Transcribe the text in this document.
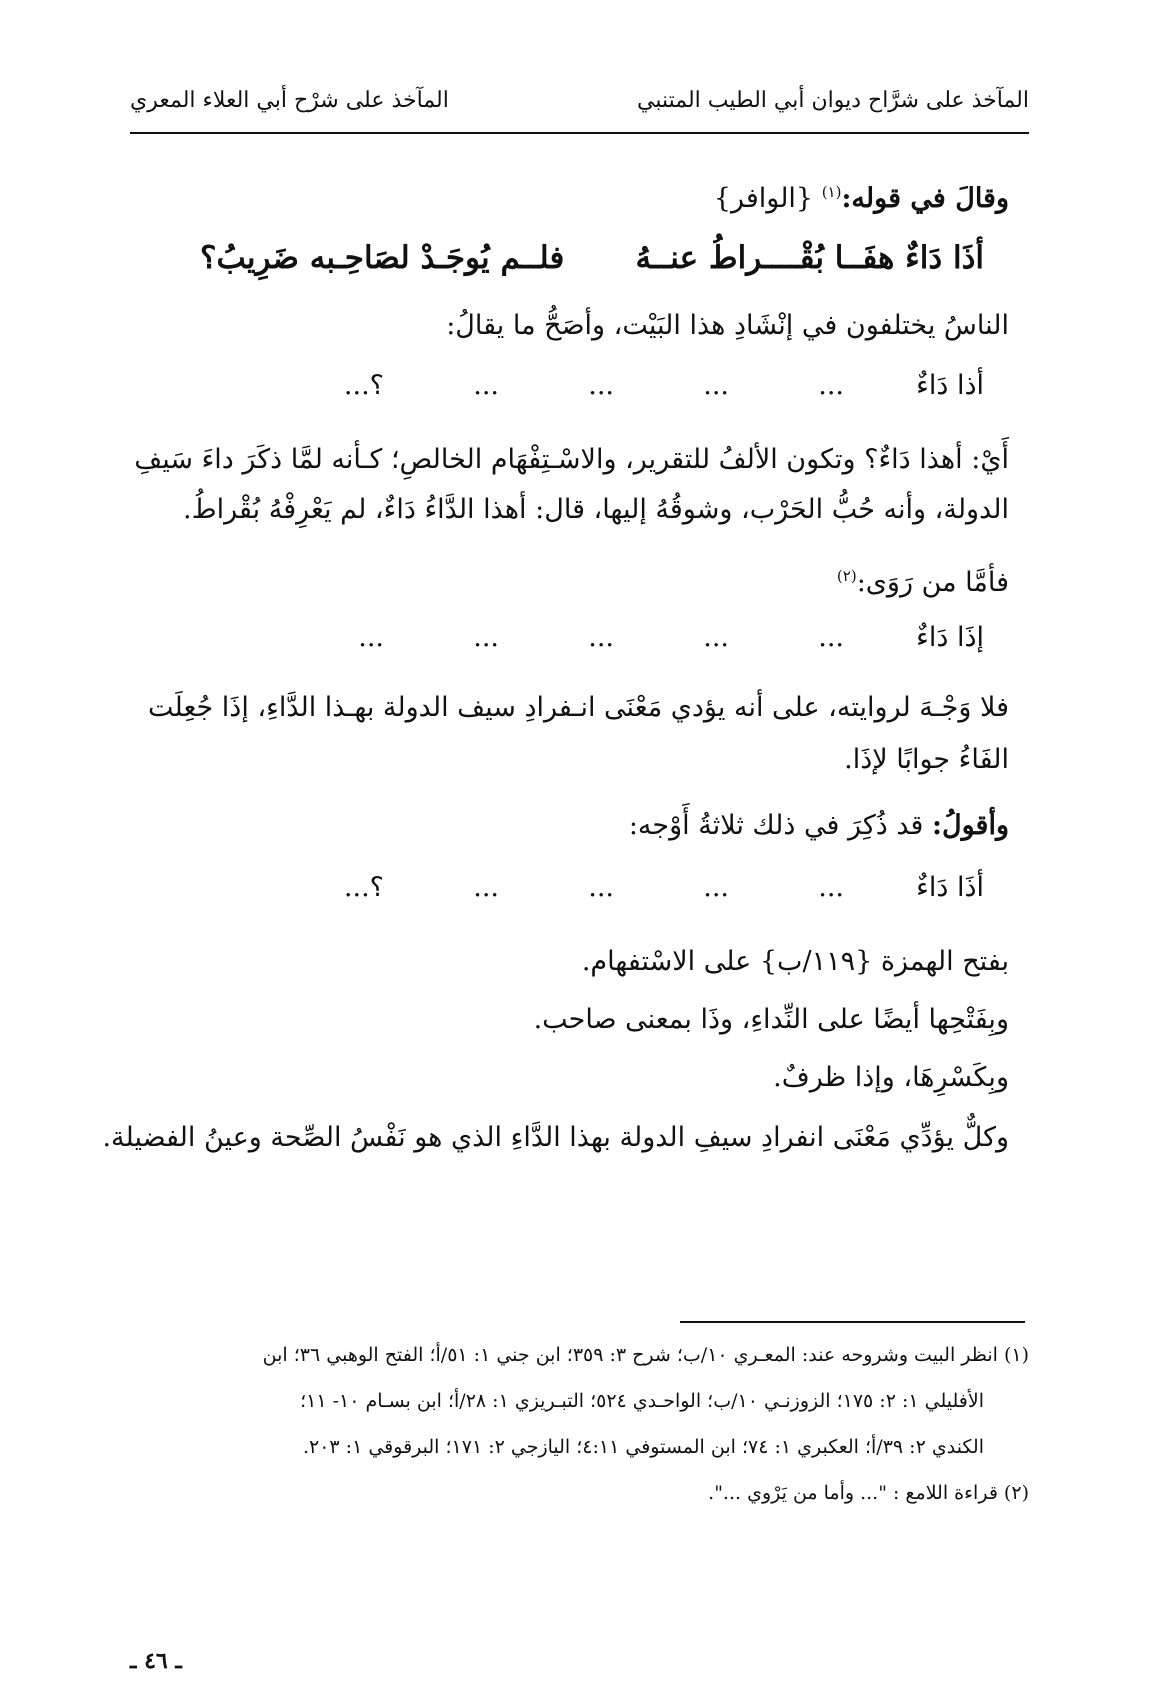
المآخذ على شرَّاح ديوان أبي الطيب المتنبي
المآخذ على شرْح أبي العلاء المعري
وقالَ في قوله:$^{(١)}$ {الوافر}
أذَا دَاءٌ هفَــا بُقْــــراطُ عنــهُ
فلــم يُوجَـدْ لصَاحِـبه ضَرِيبُ؟
الناسُ يختلفون في إنْشَادِ هذا البَيْت، وأصَحُّ ما يقالُ:
أذا دَاءٌ
...
...
...
...
؟...
أَيْ: أهذا دَاءٌ؟ وتكون الألفُ للتقرير، والاسْـتِفْهَام الخالصِ؛ كـأنه لمَّا ذكَرَ داءَ سَيفِ
الدولة، وأنه حُبُّ الحَرْب، وشوقُهُ إليها، قال: أهذا الدَّاءُ دَاءٌ، لم يَعْرِفْهُ بُقْراطُ.
فأمَّا من رَوَى:$^{(٢)}$
إذَا دَاءٌ
...
...
...
...
...
فلا وَجْـهَ لروايته، على أنه يؤدي مَعْنَى انـفرادِ سيف الدولة بهـذا الدَّاءِ، إذَا جُعِلَت
الفَاءُ جوابًا لإذَا.
وأقولُ: قد ذُكِرَ في ذلك ثلاثةُ أَوْجه:
أذَا دَاءٌ
...
...
...
...
؟...
بفتح الهمزة {١١٩/ب} على الاسْتفهام.
وبِفَتْحِها أيضًا على النِّداءِ، وذَا بمعنى صاحب.
وبِكَسْرِهَا، وإذا ظرفٌ.
وكلٌّ يؤدِّي مَعْنَى انفرادِ سيفِ الدولة بهذا الدَّاءِ الذي هو نَفْسُ الصِّحة وعينُ الفضيلة.
(١) انظر البيت وشروحه عند: المعـري ١٠/ب؛ شرح ٣: ٣٥٩؛ ابن جني ١: ٥١/أ؛ الفتح الوهبي ٣٦؛ ابن
الأفليلي ١: ٢: ١٧٥؛ الزوزنـي ١٠/ب؛ الواحـدي ٥٢٤؛ التبـريزي ١: ٢٨/أ؛ ابن بسـام ١٠- ١١؛
الكندي ٢: ٣٩/أ؛ العكبري ١: ٧٤؛ ابن المستوفي ٤:١١؛ اليازجي ٢: ١٧١؛ البرقوقي ١: ٢٠٣.
(٢) قراءة اللامع : "... وأما من يَرْوي ...".
ـ ٤٦ ـ
